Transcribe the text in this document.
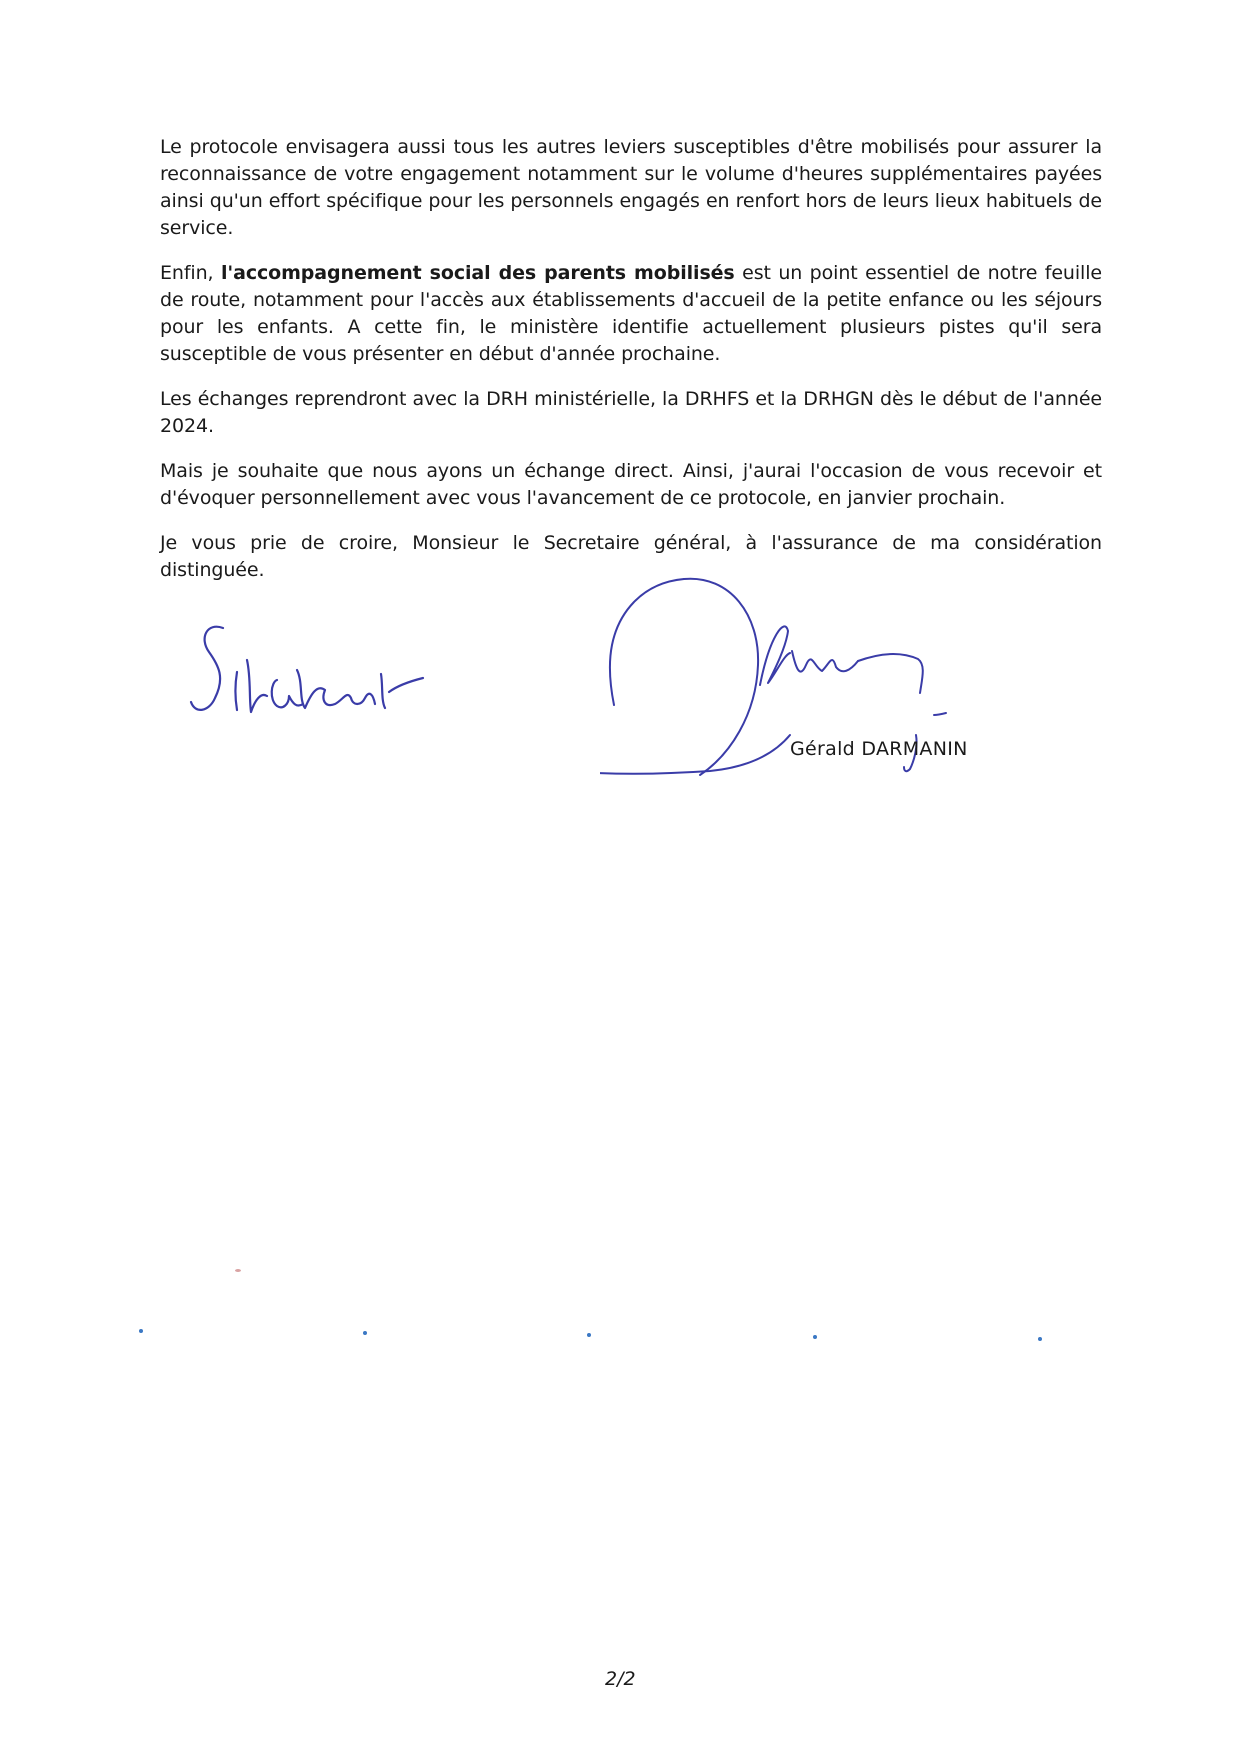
Le protocole envisagera aussi tous les autres leviers susceptibles d'être mobilisés pour assurer la reconnaissance de votre engagement notamment sur le volume d'heures supplémentaires payées ainsi qu'un effort spécifique pour les personnels engagés en renfort hors de leurs lieux habituels de service.

Enfin, l'accompagnement social des parents mobilisés est un point essentiel de notre feuille de route, notamment pour l'accès aux établissements d'accueil de la petite enfance ou les séjours pour les enfants. A cette fin, le ministère identifie actuellement plusieurs pistes qu'il sera susceptible de vous présenter en début d'année prochaine.

Les échanges reprendront avec la DRH ministérielle, la DRHFS et la DRHGN dès le début de l'année 2024.

Mais je souhaite que nous ayons un échange direct. Ainsi, j'aurai l'occasion de vous recevoir et d'évoquer personnellement avec vous l'avancement de ce protocole, en janvier prochain.

Je vous prie de croire, Monsieur le Secretaire général, à l'assurance de ma considération distinguée.

Gérald DARMANIN
2/2
